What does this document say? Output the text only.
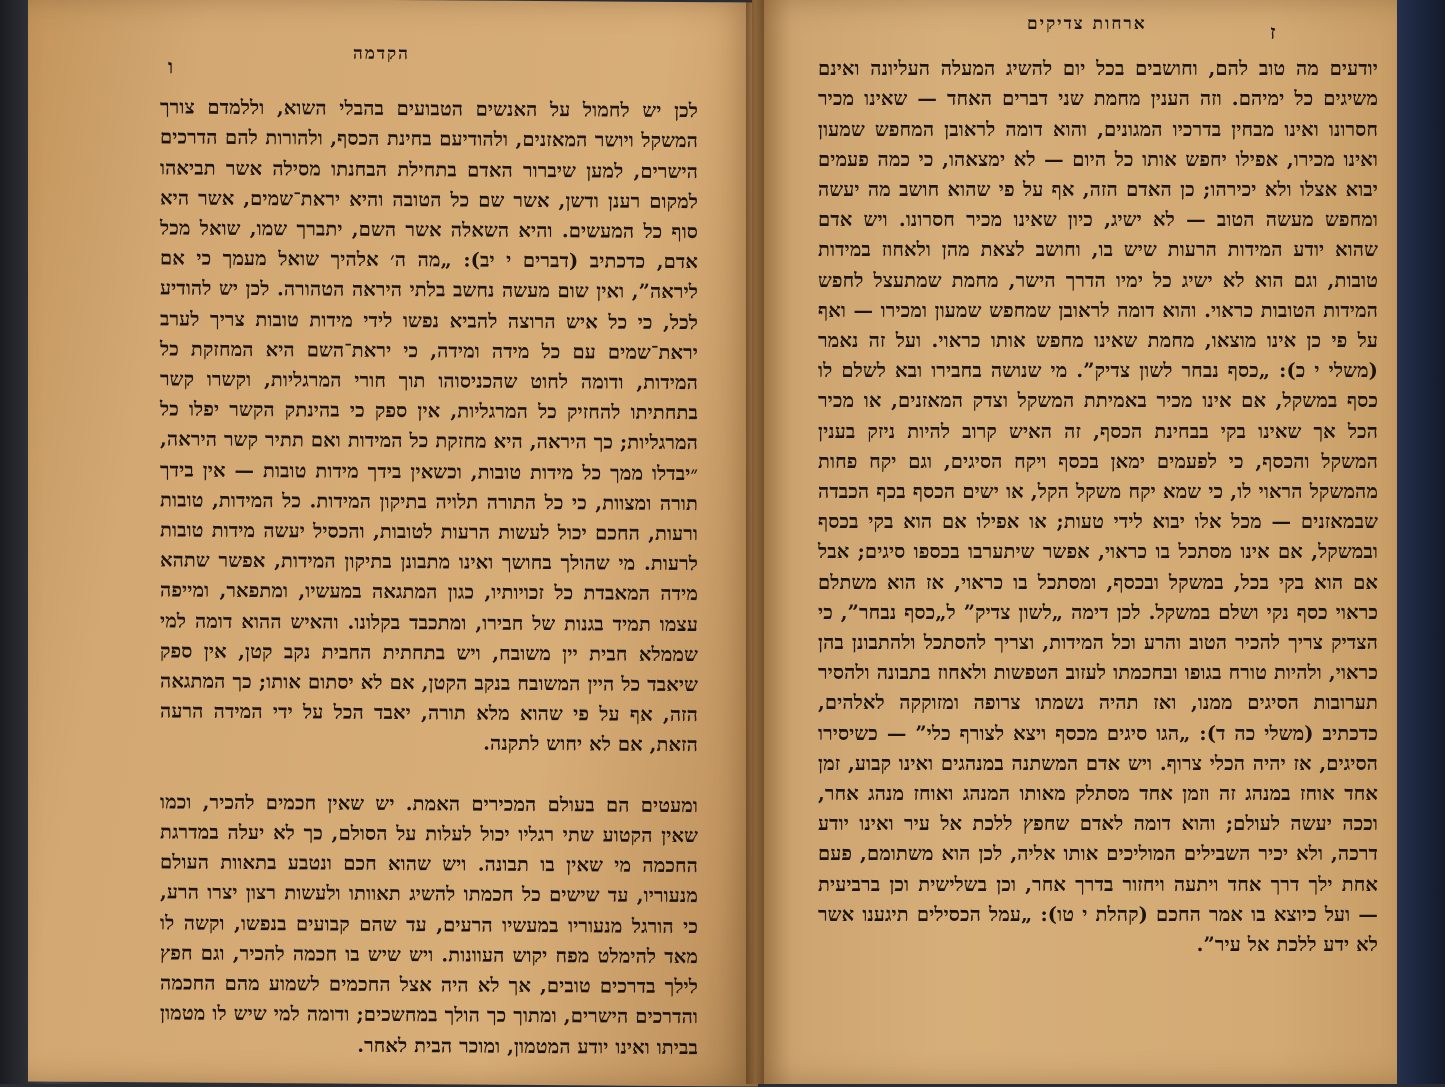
הקדמה
ו

לכן יש לחמול על האנשים הטבועים בהבלי השוא, וללמדם צורך המשקל ויושר המאזנים, ולהודיעם בחינת הכסף, ולהורות להם הדרכים הישרים, למען שיברור האדם בתחילת הבחנתו מסילה אשר תביאהו למקום רענן ודשן, אשר שם כל הטובה והיא יראת־שמים, אשר היא סוף כל המעשים. והיא השאלה אשר השם, יתברך שמו, שואל מכל אדם, כדכתיב (דברים י יב): „מה ה׳ אלהיך שואל מעמך כי אם ליראה”, ואין שום מעשה נחשב בלתי היראה הטהורה. לכן יש להודיע לכל, כי כל איש הרוצה להביא נפשו לידי מידות טובות צריך לערב יראת־שמים עם כל מידה ומידה, כי יראת־השם היא המחזקת כל המידות, ודומה לחוט שהכניסוהו תוך חורי המרגליות, וקשרו קשר בתחתיתו להחזיק כל המרגליות, אין ספק כי בהינתק הקשר יפלו כל המרגליות; כך היראה, היא מחזקת כל המידות ואם תתיר קשר היראה, ״יבדלו ממך כל מידות טובות, וכשאין בידך מידות טובות — אין בידך תורה ומצוות, כי כל התורה תלויה בתיקון המידות. כל המידות, טובות ורעות, החכם יכול לעשות הרעות לטובות, והכסיל יעשה מידות טובות לרעות. מי שהולך בחושך ואינו מתבונן בתיקון המידות, אפשר שתהא מידה המאבדת כל זכויותיו, כגון המתגאה במעשיו, ומתפאר, ומייפה עצמו תמיד בגנות של חבירו, ומתכבד בקלונו. והאיש ההוא דומה למי שממלא חבית יין משובח, ויש בתחתית החבית נקב קטן, אין ספק שיאבד כל היין המשובח בנקב הקטן, אם לא יסתום אותו; כך המתגאה הזה, אף על פי שהוא מלא תורה, יאבד הכל על ידי המידה הרעה הזאת, אם לא יחוש לתקנה.

ומעטים הם בעולם המכירים האמת. יש שאין חכמים להכיר, וכמו שאין הקטוע שתי רגליו יכול לעלות על הסולם, כך לא יעלה במדרגת החכמה מי שאין בו תבונה. ויש שהוא חכם ונטבע בתאוות העולם מנעוריו, עד שישים כל חכמתו להשיג תאוותו ולעשות רצון יצרו הרע, כי הורגל מנעוריו במעשיו הרעים, עד שהם קבועים בנפשו, וקשה לו מאד להימלט מפח יקוש העוונות. ויש שיש בו חכמה להכיר, וגם חפץ לילך בדרכים טובים, אך לא היה אצל החכמים לשמוע מהם החכמה והדרכים הישרים, ומתוך כך הולך במחשכים; ודומה למי שיש לו מטמון בביתו ואינו יודע המטמון, ומוכר הבית לאחר.

ארחות צדיקים	ז

יודעים מה טוב להם, וחושבים בכל יום להשיג המעלה העליונה ואינם משיגים כל ימיהם. וזה הענין מחמת שני דברים האחד — שאינו מכיר חסרונו ואינו מבחין בדרכיו המגונים, והוא דומה לראובן המחפש שמעון ואינו מכירו, אפילו יחפש אותו כל היום — לא ימצאהו, כי כמה פעמים יבוא אצלו ולא יכירהו; כן האדם הזה, אף על פי שהוא חושב מה יעשה ומחפש מעשה הטוב — לא ישיג, כיון שאינו מכיר חסרונו. ויש אדם שהוא יודע המידות הרעות שיש בו, וחושב לצאת מהן ולאחוז במידות טובות, וגם הוא לא ישיג כל ימיו הדרך הישר, מחמת שמתעצל לחפש המידות הטובות כראוי. והוא דומה לראובן שמחפש שמעון ומכירו — ואף על פי כן אינו מוצאו, מחמת שאינו מחפש אותו כראוי. ועל זה נאמר (משלי י כ): „כסף נבחר לשון צדיק”. מי שנושה בחבירו ובא לשלם לו כסף במשקל, אם אינו מכיר באמיתת המשקל וצדק המאזנים, או מכיר הכל אך שאינו בקי בבחינת הכסף, זה האיש קרוב להיות ניזק בענין המשקל והכסף, כי לפעמים ימאן בכסף ויקח הסיגים, וגם יקח פחות מהמשקל הראוי לו, כי שמא יקח משקל הקל, או ישים הכסף בכף הכבדה שבמאזנים — מכל אלו יבוא לידי טעות; או אפילו אם הוא בקי בכסף ובמשקל, אם אינו מסתכל בו כראוי, אפשר שיתערבו בכספו סיגים; אבל אם הוא בקי בכל, במשקל ובכסף, ומסתכל בו כראוי, אז הוא משתלם כראוי כסף נקי ושלם במשקל. לכן דימה „לשון צדיק” ל„כסף נבחר”, כי הצדיק צריך להכיר הטוב והרע וכל המידות, וצריך להסתכל ולהתבונן בהן כראוי, ולהיות טורח בגופו ובחכמתו לעזוב הטפשות ולאחוז בתבונה ולהסיר תערובות הסיגים ממנו, ואז תהיה נשמתו צרופה ומזוקקה לאלהים, כדכתיב (משלי כה ד): „הגו סיגים מכסף ויצא לצורף כלי” — כשיסירו הסיגים, אז יהיה הכלי צרוף. ויש אדם המשתנה במנהגים ואינו קבוע, זמן אחד אוחז במנהג זה וזמן אחד מסתלק מאותו המנהג ואוחז מנהג אחר, וככה יעשה לעולם; והוא דומה לאדם שחפץ ללכת אל עיר ואינו יודע דרכה, ולא יכיר השבילים המוליכים אותו אליה, לכן הוא משתומם, פעם אחת ילך דרך אחד ויתעה ויחזור בדרך אחר, וכן בשלישית וכן ברביעית — ועל כיוצא בו אמר החכם (קהלת י טו): „עמל הכסילים תיגענו אשר לא ידע ללכת אל עיר”.
